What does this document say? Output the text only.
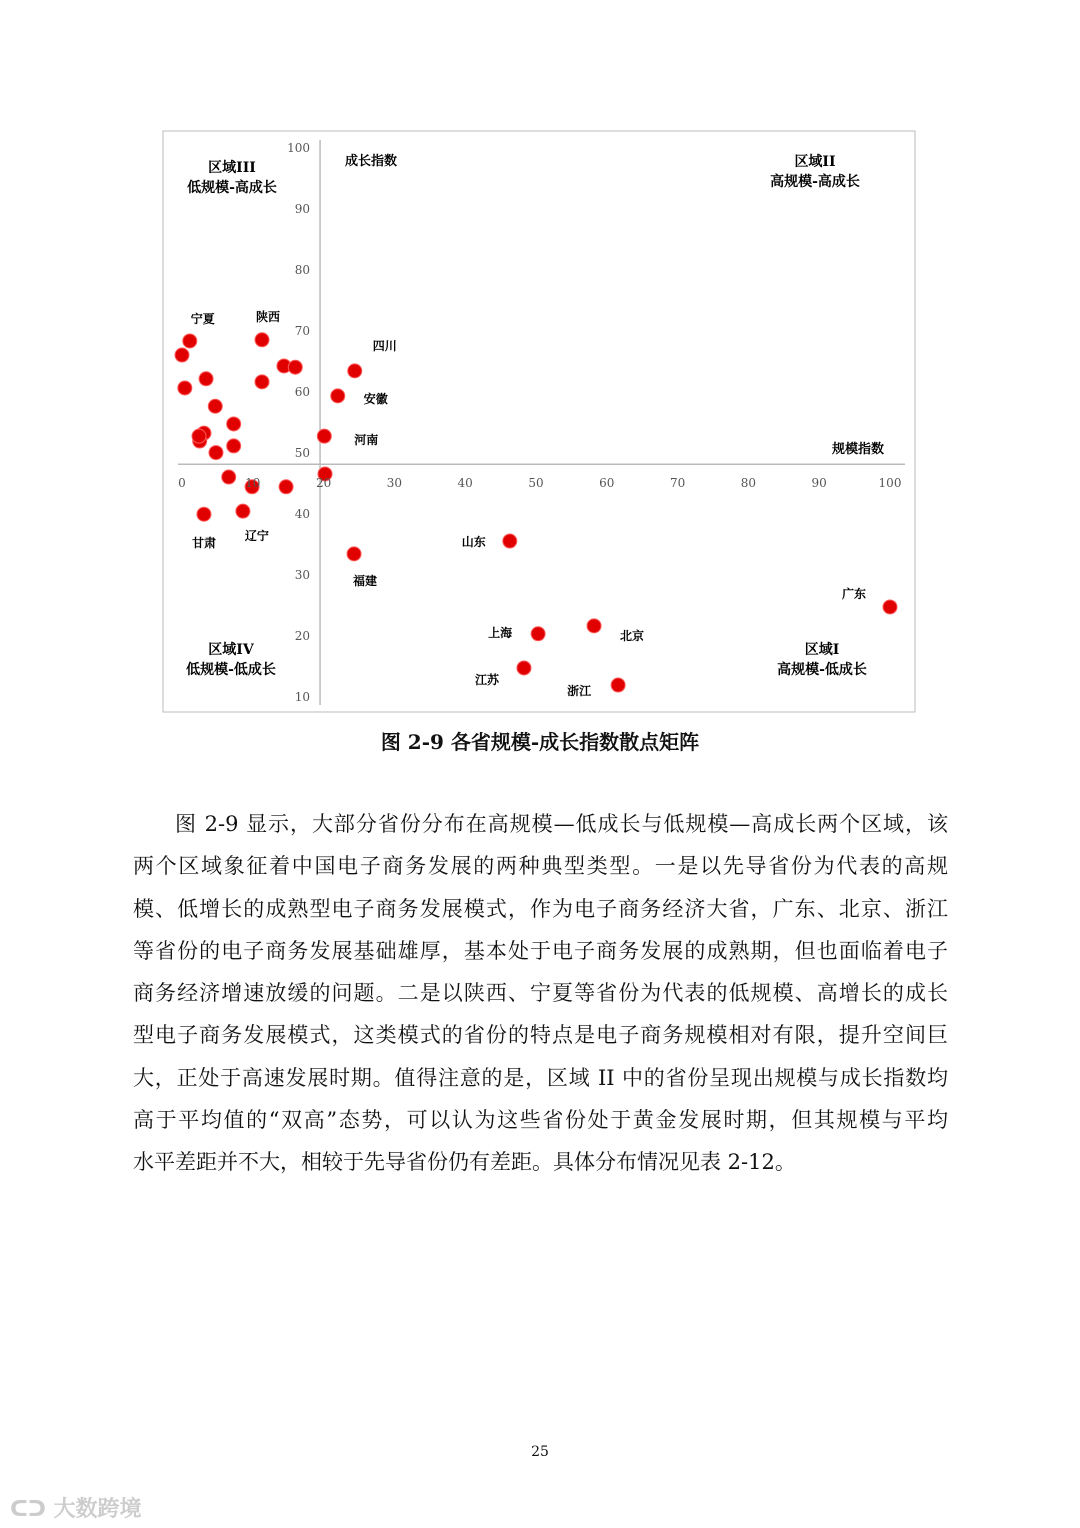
区域III
低规模-高成长
区域II
高规模-高成长
区域IV
低规模-低成长
区域I
高规模-低成长
宁夏	陕西
甘肃
辽宁
河南
安徽
四川
福建
山东
上海	北京
江苏
浙江
广东
0	10	20	30	40	50	60	70	80	90	100
100
90
80
70
60
50
40
30
20
10
成长指数
规模指数
图 2-9 各省规模-成长指数散点矩阵
图 2-9 显示，大部分省份分布在高规模—低成长与低规模—高成长两个区域，该
两个区域象征着中国电子商务发展的两种典型类型。一是以先导省份为代表的高规
模、低增长的成熟型电子商务发展模式，作为电子商务经济大省，广东、北京、浙江
等省份的电子商务发展基础雄厚，基本处于电子商务发展的成熟期，但也面临着电子
商务经济增速放缓的问题。二是以陕西、宁夏等省份为代表的低规模、高增长的成长
型电子商务发展模式，这类模式的省份的特点是电子商务规模相对有限，提升空间巨
大，正处于高速发展时期。值得注意的是，区域 II 中的省份呈现出规模与成长指数均
高于平均值的“双高”态势，可以认为这些省份处于黄金发展时期，但其规模与平均
水平差距并不大，相较于先导省份仍有差距。具体分布情况见表 2-12。
25
ᑕᑐ 大数跨境
